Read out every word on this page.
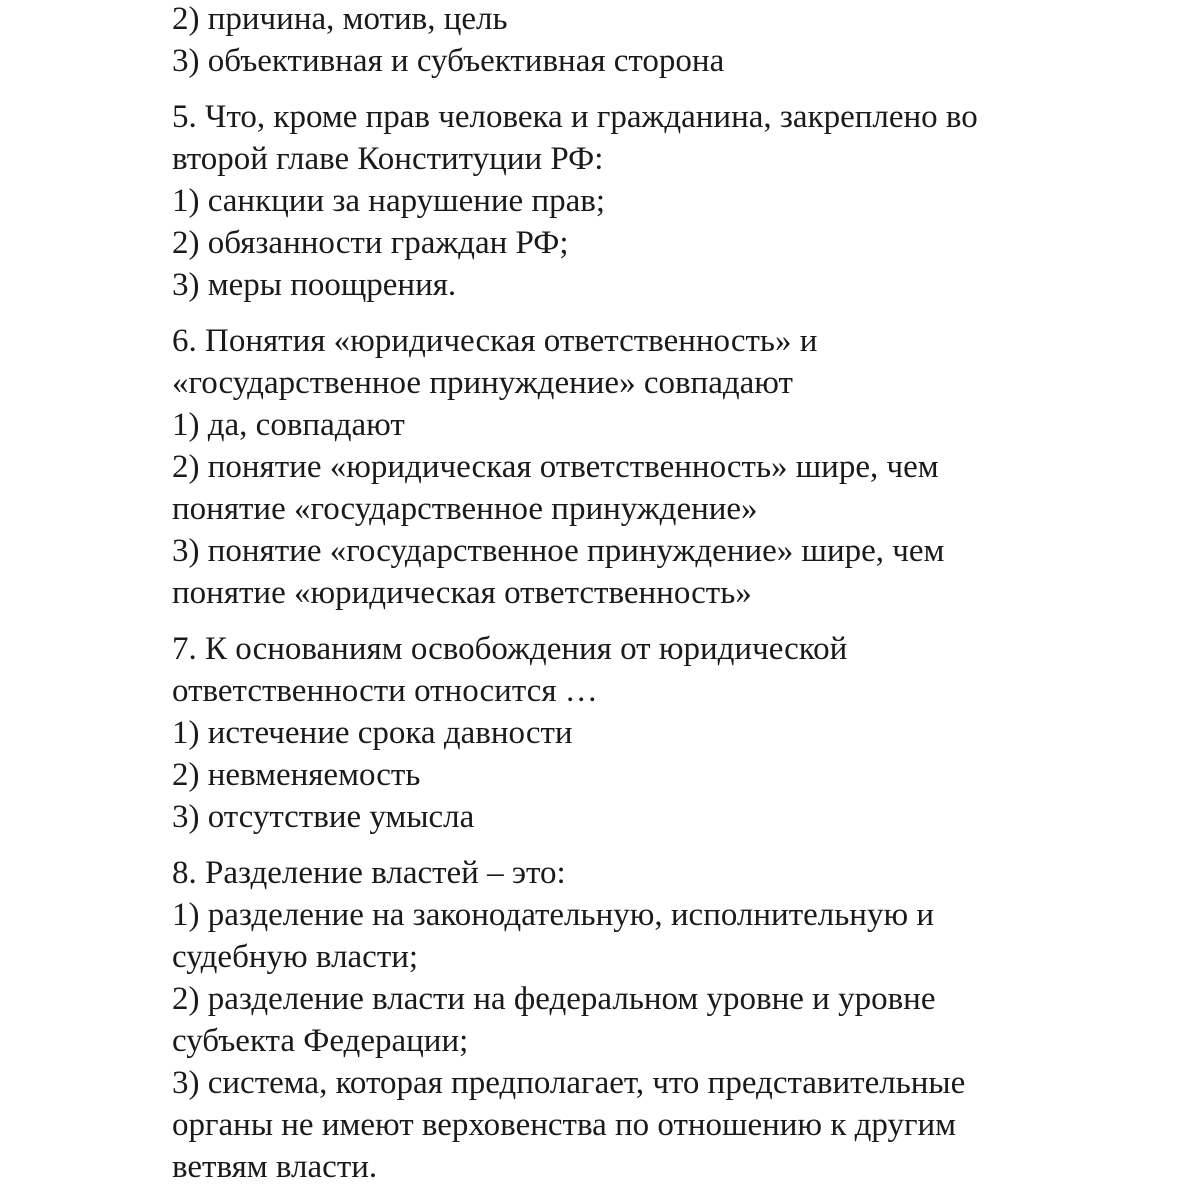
2) причина, мотив, цель
3) объективная и субъективная сторона
5. Что, кроме прав человека и гражданина, закреплено во
второй главе Конституции РФ:
1) санкции за нарушение прав;
2) обязанности граждан РФ;
3) меры поощрения.
6. Понятия «юридическая ответственность» и
«государственное принуждение» совпадают
1) да, совпадают
2) понятие «юридическая ответственность» шире, чем
понятие «государственное принуждение»
3) понятие «государственное принуждение» шире, чем
понятие «юридическая ответственность»
7. К основаниям освобождения от юридической
ответственности относится …
1) истечение срока давности
2) невменяемость
3) отсутствие умысла
8. Разделение властей – это:
1) разделение на законодательную, исполнительную и
судебную власти;
2) разделение власти на федеральном уровне и уровне
субъекта Федерации;
3) система, которая предполагает, что представительные
органы не имеют верховенства по отношению к другим
ветвям власти.
